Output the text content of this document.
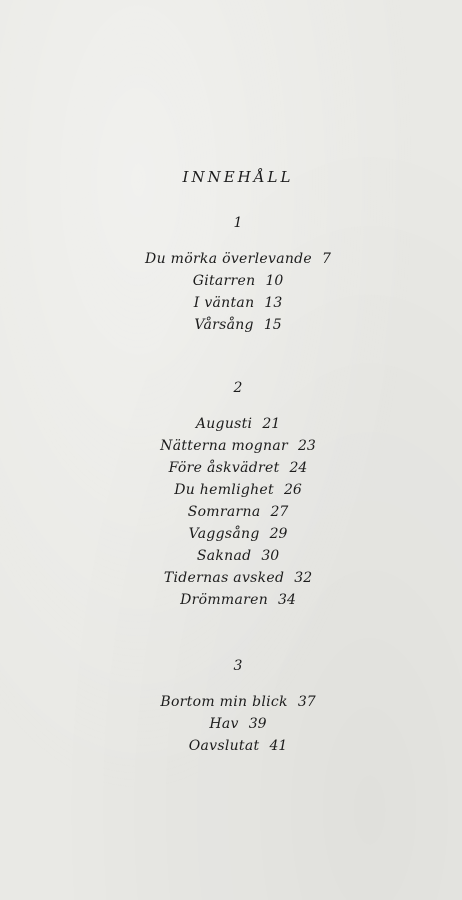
INNEHÅLL
1
Du mörka överlevande 7
Gitarren 10
I väntan 13
Vårsång 15
2
Augusti 21
Nätterna mognar 23
Före åskvädret 24
Du hemlighet 26
Somrarna 27
Vaggsång 29
Saknad 30
Tidernas avsked 32
Drömmaren 34
3
Bortom min blick 37
Hav 39
Oavslutat 41
